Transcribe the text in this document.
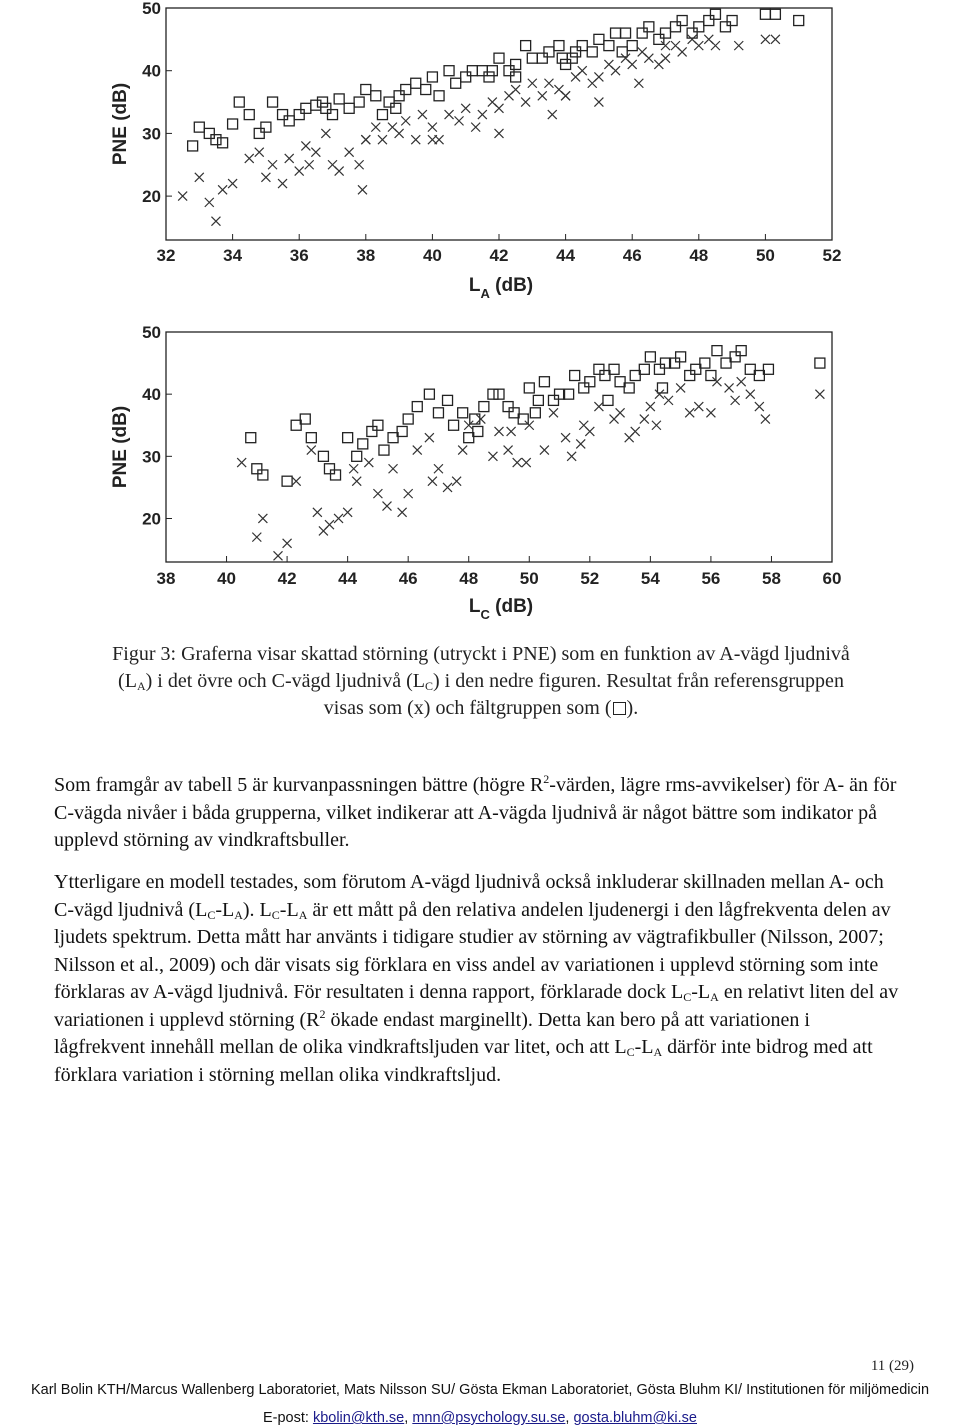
20
30
40
50
32	34	36	38	40	42	44	46	48	50	52
PNE (dB)
$L_A$ (dB)
20
30
40
50
38 40 42 44 46 48 50 52 54 56 58 60
PNE (dB)
$L_C$ (dB)
Figur 3: Graferna visar skattad störning (utryckt i PNE) som en funktion av A-vägd ljudnivå
$(L_A)$ i det övre och C-vägd ljudnivå $(L_C)$ i den nedre figuren. Resultat från referensgruppen
visas som (x) och fältgruppen som ( ).
Som framgår av tabell 5 är kurvanpassningen bättre (högre $R^2$-värden, lägre rms-avvikelser) för A- än för C-vägda nivåer i båda grupperna, vilket indikerar att A-vägda ljudnivå är något bättre som indikator på upplevd störning av vindkraftsbuller.
Ytterligare en modell testades, som förutom A-vägd ljudnivå också inkluderar skillnaden mellan A- och C-vägd ljudnivå $(L_C-L_A)$. $L_C-L_A$ är ett mått på den relativa andelen ljudenergi i den lågfrekventa delen av ljudets spektrum. Detta mått har använts i tidigare studier av störning av vägtrafikbuller (Nilsson, 2007; Nilsson et al., 2009) och där visats sig förklara en viss andel av variationen i upplevd störning som inte förklaras av A-vägd ljudnivå. För resultaten i denna rapport, förklarade dock $L_C-L_A$ en relativt liten del av variationen i upplevd störning ($R^2$ ökade endast marginellt). Detta kan bero på att variationen i lågfrekvent innehåll mellan de olika vindkraftsljuden var litet, och att $L_C-L_A$ därför inte bidrog med att förklara variation i störning mellan olika vindkraftsljud.
11 (29)
Karl Bolin KTH/Marcus Wallenberg Laboratoriet, Mats Nilsson SU/ Gösta Ekman Laboratoriet, Gösta Bluhm KI/ Institutionen för miljömedicin
E-post: kbolin@kth.se, mnn@psychology.su.se, gosta.bluhm@ki.se
